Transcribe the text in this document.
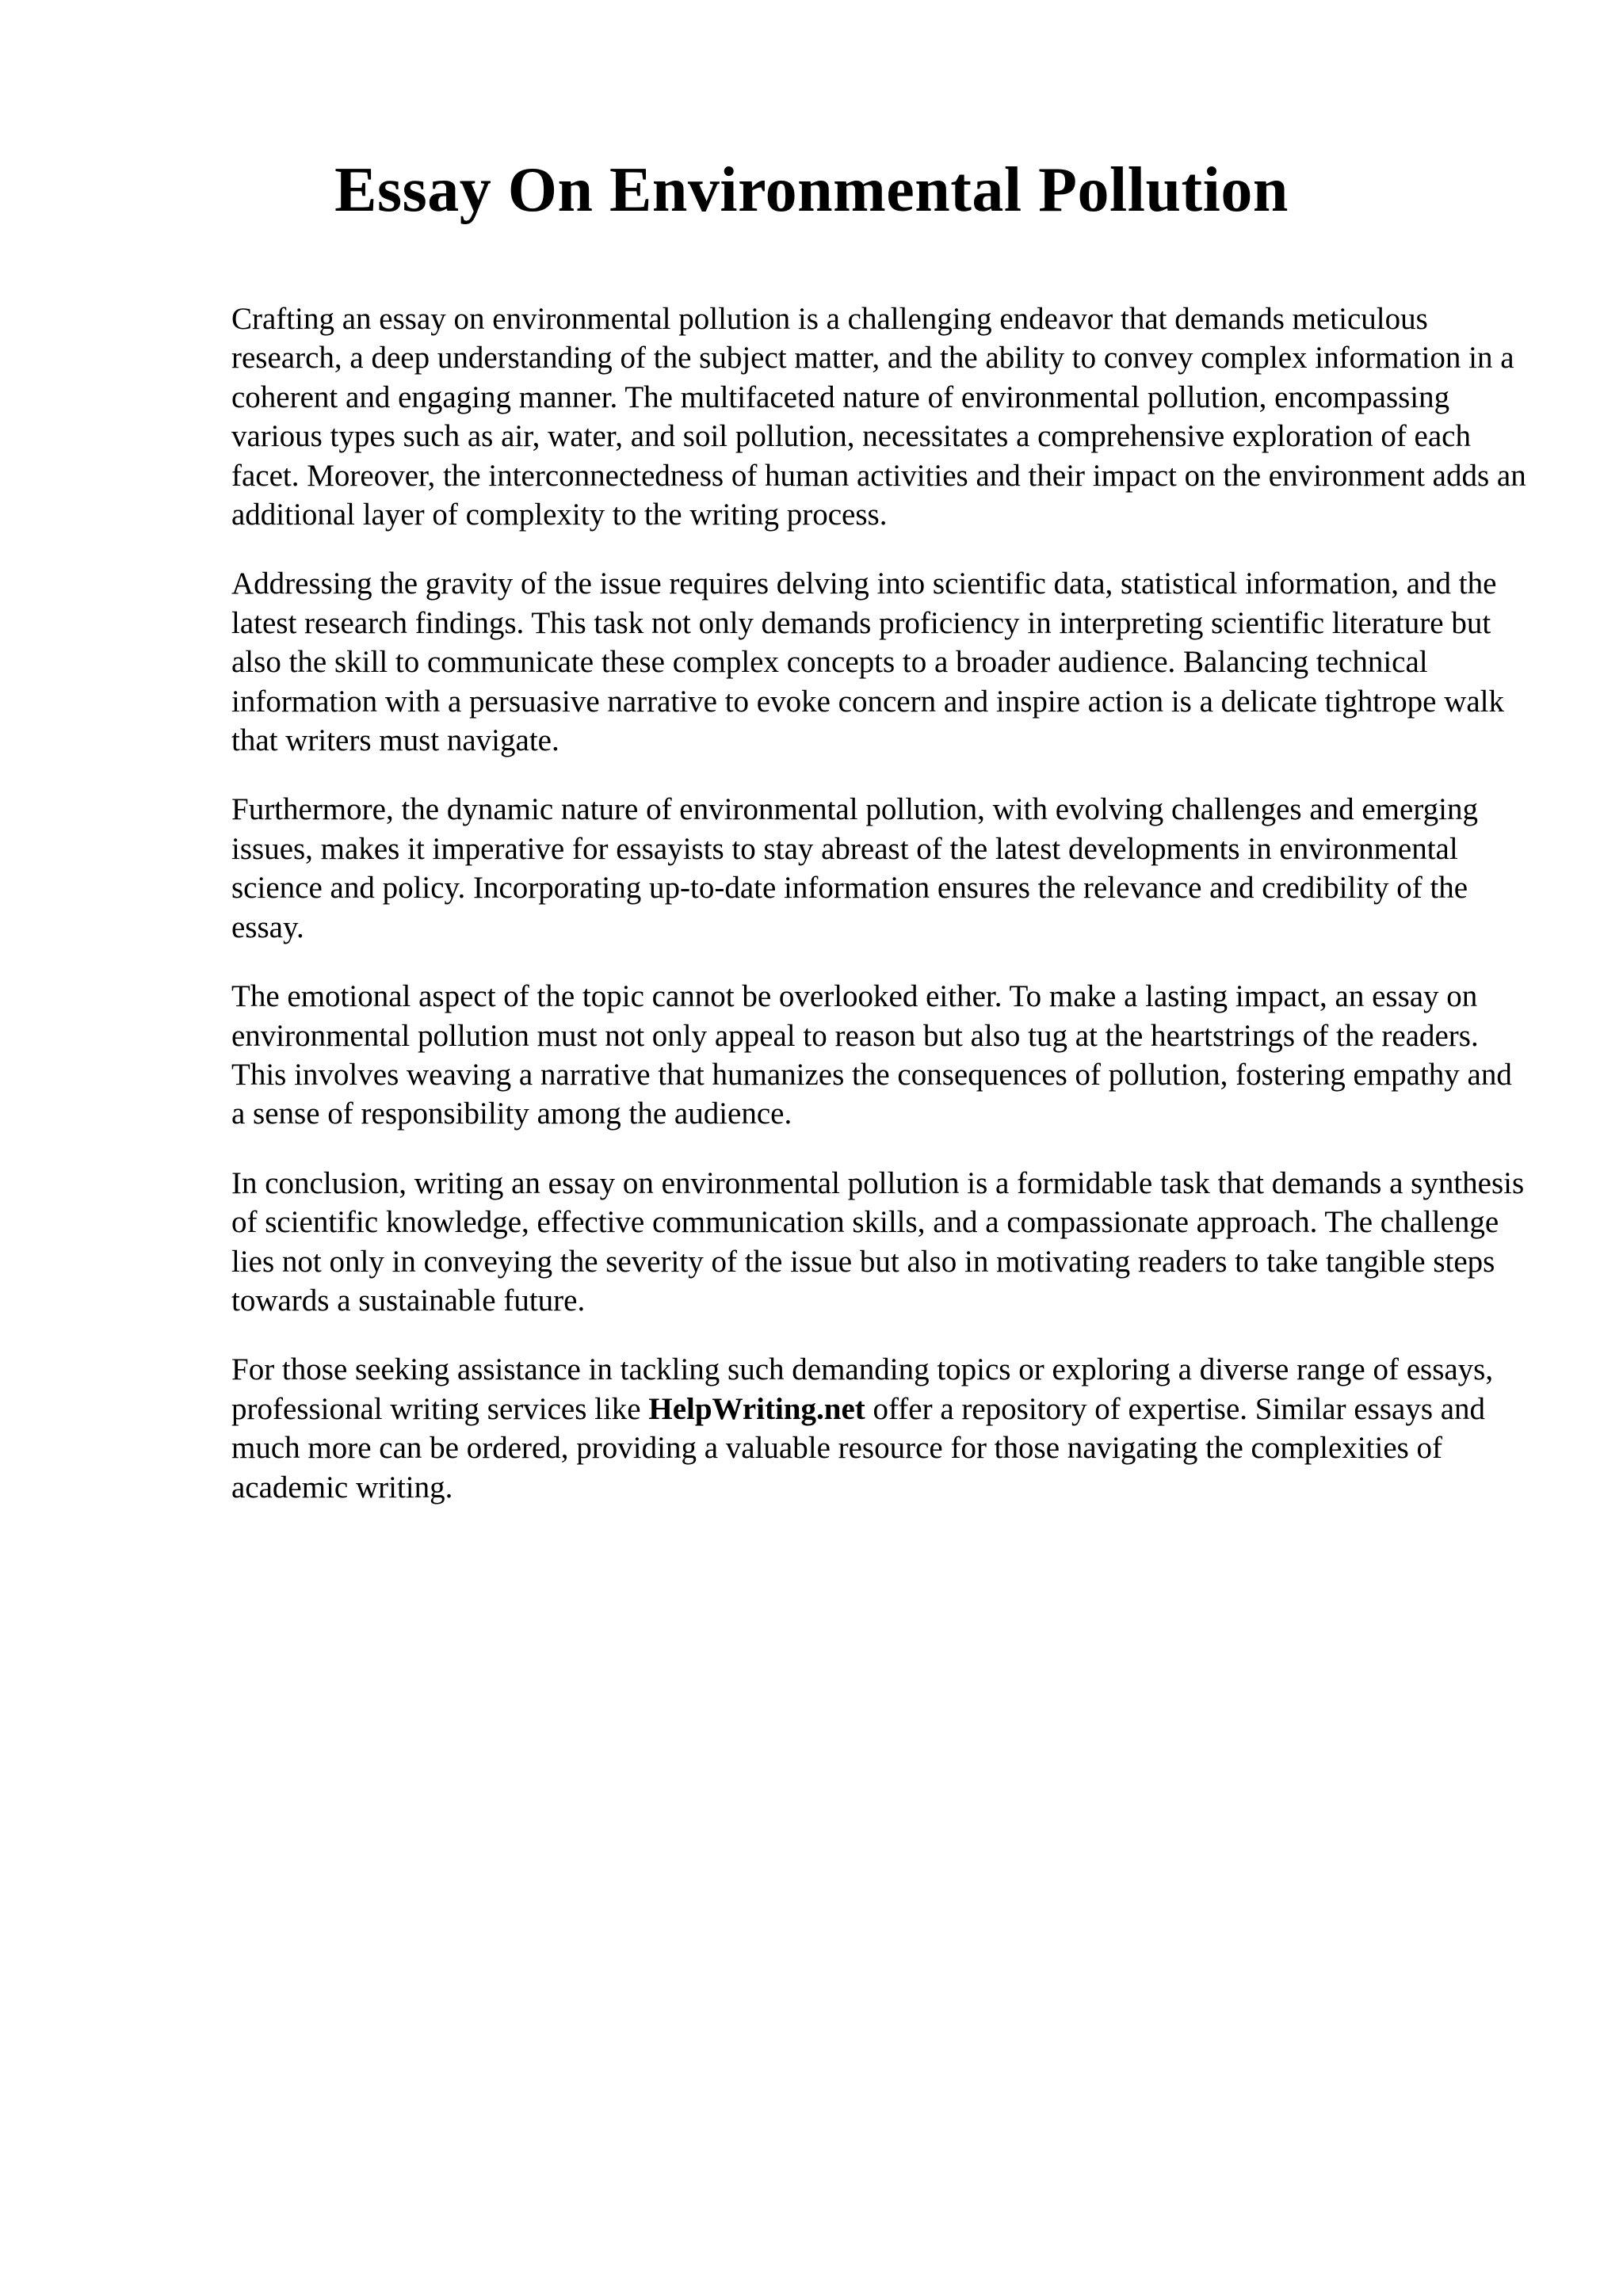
Essay On Environmental Pollution

Crafting an essay on environmental pollution is a challenging endeavor that demands meticulous research, a deep understanding of the subject matter, and the ability to convey complex information in a coherent and engaging manner. The multifaceted nature of environmental pollution, encompassing various types such as air, water, and soil pollution, necessitates a comprehensive exploration of each facet. Moreover, the interconnectedness of human activities and their impact on the environment adds an additional layer of complexity to the writing process.

Addressing the gravity of the issue requires delving into scientific data, statistical information, and the latest research findings. This task not only demands proficiency in interpreting scientific literature but also the skill to communicate these complex concepts to a broader audience. Balancing technical information with a persuasive narrative to evoke concern and inspire action is a delicate tightrope walk that writers must navigate.

Furthermore, the dynamic nature of environmental pollution, with evolving challenges and emerging issues, makes it imperative for essayists to stay abreast of the latest developments in environmental science and policy. Incorporating up-to-date information ensures the relevance and credibility of the essay.

The emotional aspect of the topic cannot be overlooked either. To make a lasting impact, an essay on environmental pollution must not only appeal to reason but also tug at the heartstrings of the readers. This involves weaving a narrative that humanizes the consequences of pollution, fostering empathy and a sense of responsibility among the audience.

In conclusion, writing an essay on environmental pollution is a formidable task that demands a synthesis of scientific knowledge, effective communication skills, and a compassionate approach. The challenge lies not only in conveying the severity of the issue but also in motivating readers to take tangible steps towards a sustainable future.

For those seeking assistance in tackling such demanding topics or exploring a diverse range of essays, professional writing services like HelpWriting.net offer a repository of expertise. Similar essays and much more can be ordered, providing a valuable resource for those navigating the complexities of academic writing.
